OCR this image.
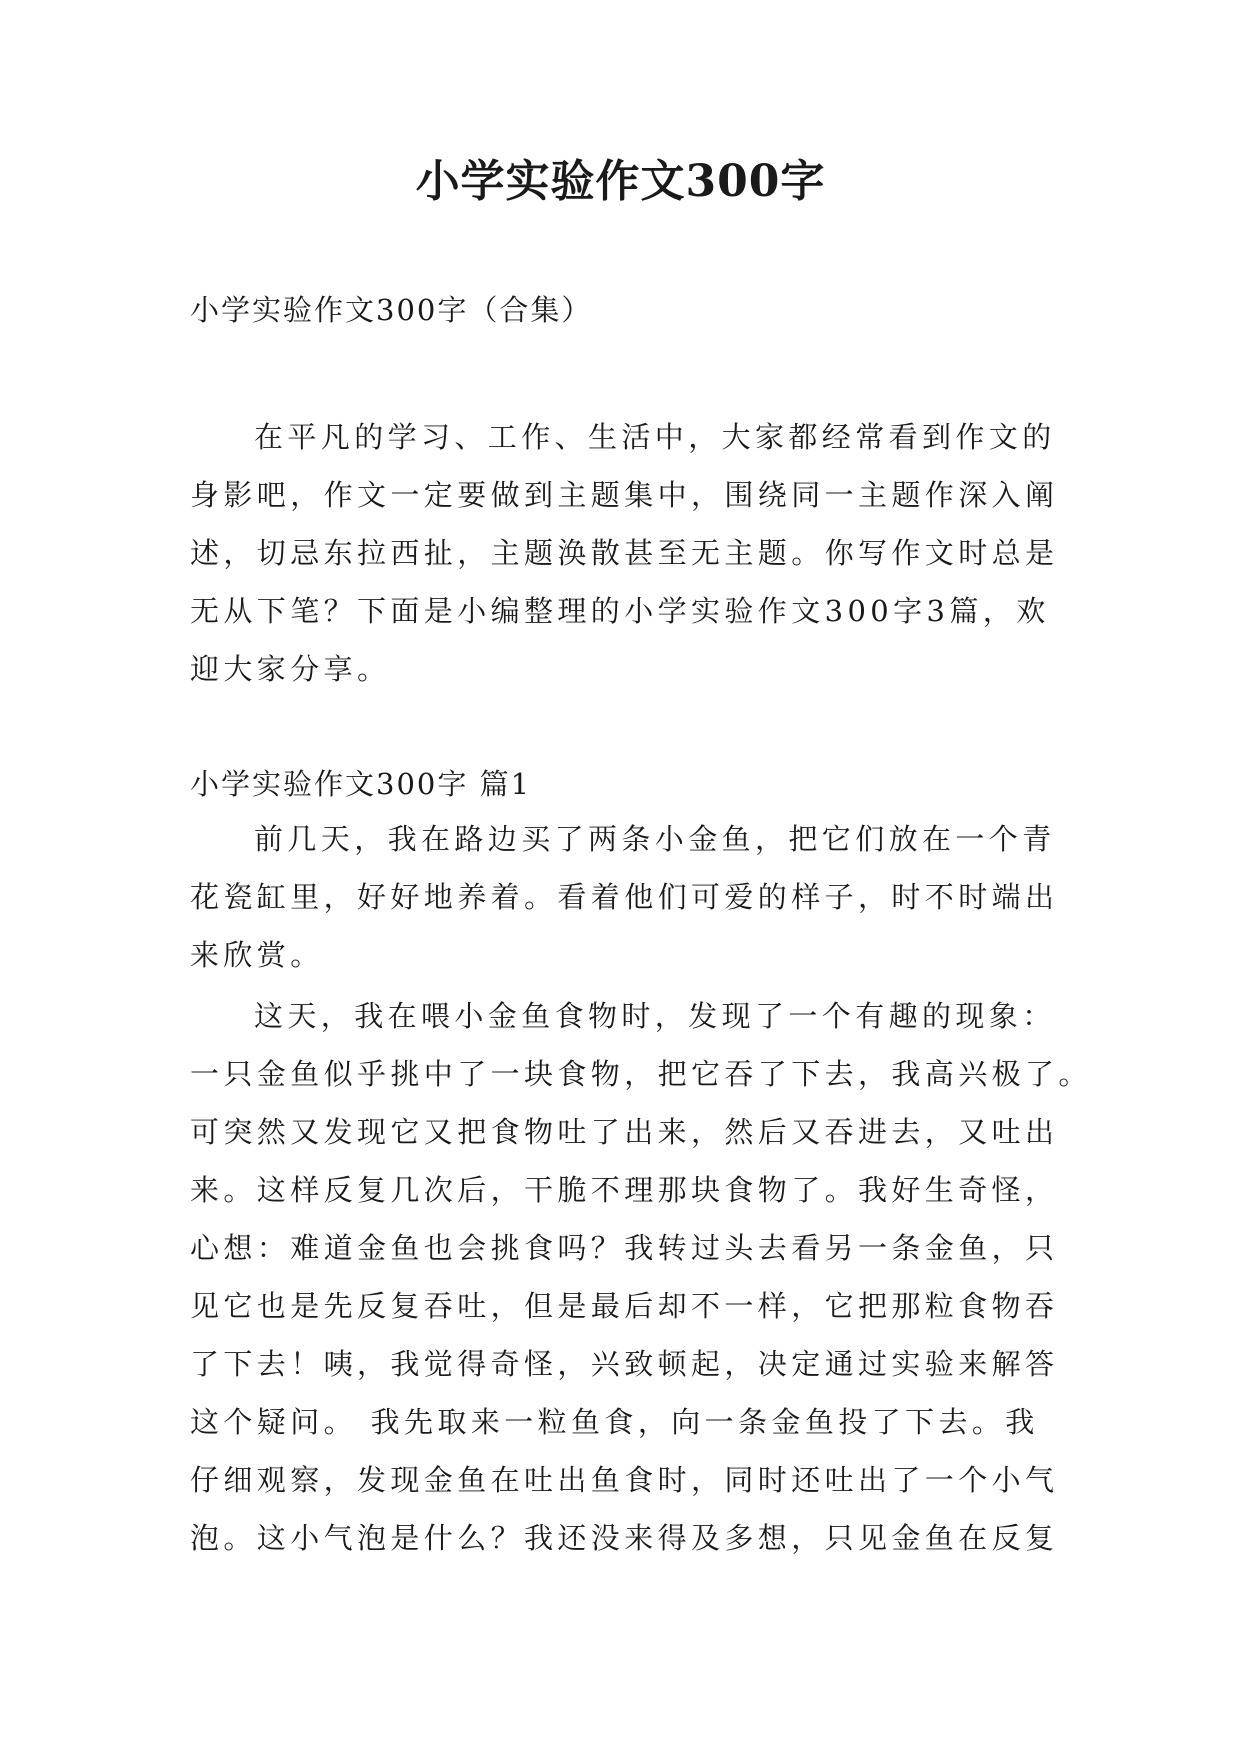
小学实验作文300字
小学实验作文300字（合集）
在平凡的学习、工作、生活中，大家都经常看到作文的
身影吧，作文一定要做到主题集中，围绕同一主题作深入阐
述，切忌东拉西扯，主题涣散甚至无主题。你写作文时总是
无从下笔？下面是小编整理的小学实验作文300字3篇，欢
迎大家分享。
小学实验作文300字 篇1
前几天，我在路边买了两条小金鱼，把它们放在一个青
花瓷缸里，好好地养着。看着他们可爱的样子，时不时端出
来欣赏。
这天，我在喂小金鱼食物时，发现了一个有趣的现象：
一只金鱼似乎挑中了一块食物，把它吞了下去，我高兴极了。
可突然又发现它又把食物吐了出来，然后又吞进去，又吐出
来。这样反复几次后，干脆不理那块食物了。我好生奇怪，
心想：难道金鱼也会挑食吗？我转过头去看另一条金鱼，只
见它也是先反复吞吐，但是最后却不一样，它把那粒食物吞
了下去！咦，我觉得奇怪，兴致顿起，决定通过实验来解答
这个疑问。 我先取来一粒鱼食，向一条金鱼投了下去。我
仔细观察，发现金鱼在吐出鱼食时，同时还吐出了一个小气
泡。这小气泡是什么？我还没来得及多想，只见金鱼在反复
